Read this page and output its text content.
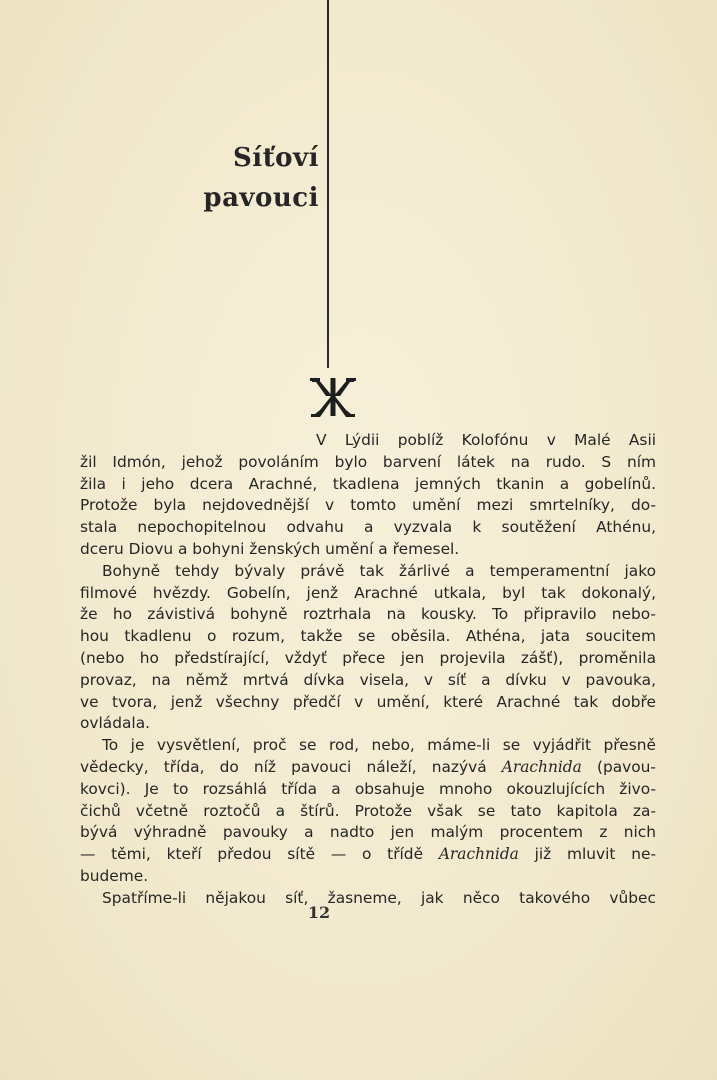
Síťoví
pavouci
V Lýdii poblíž Kolofónu v Malé Asii
žil Idmón, jehož povoláním bylo barvení látek na rudo. S ním
žila i jeho dcera Arachné, tkadlena jemných tkanin a gobelínů.
Protože byla nejdovednější v tomto umění mezi smrtelníky, do-
stala nepochopitelnou odvahu a vyzvala k soutěžení Athénu,
dceru Diovu a bohyni ženských umění a řemesel.
Bohyně tehdy bývaly právě tak žárlivé a temperamentní jako
filmové hvězdy. Gobelín, jenž Arachné utkala, byl tak dokonalý,
že ho závistivá bohyně roztrhala na kousky. To připravilo nebo-
hou tkadlenu o rozum, takže se oběsila. Athéna, jata soucitem
(nebo ho předstírající, vždyť přece jen projevila zášť), proměnila
provaz, na němž mrtvá dívka visela, v síť a dívku v pavouka,
ve tvora, jenž všechny předčí v umění, které Arachné tak dobře
ovládala.
To je vysvětlení, proč se rod, nebo, máme-li se vyjádřit přesně
vědecky, třída, do níž pavouci náleží, nazývá Arachnida (pavou-
kovci). Je to rozsáhlá třída a obsahuje mnoho okouzlujících živo-
čichů včetně roztočů a štírů. Protože však se tato kapitola za-
bývá výhradně pavouky a nadto jen malým procentem z nich
— těmi, kteří předou sítě — o třídě Arachnida již mluvit ne-
budeme.
Spatříme-li nějakou síť, žasneme, jak něco takového vůbec
12
